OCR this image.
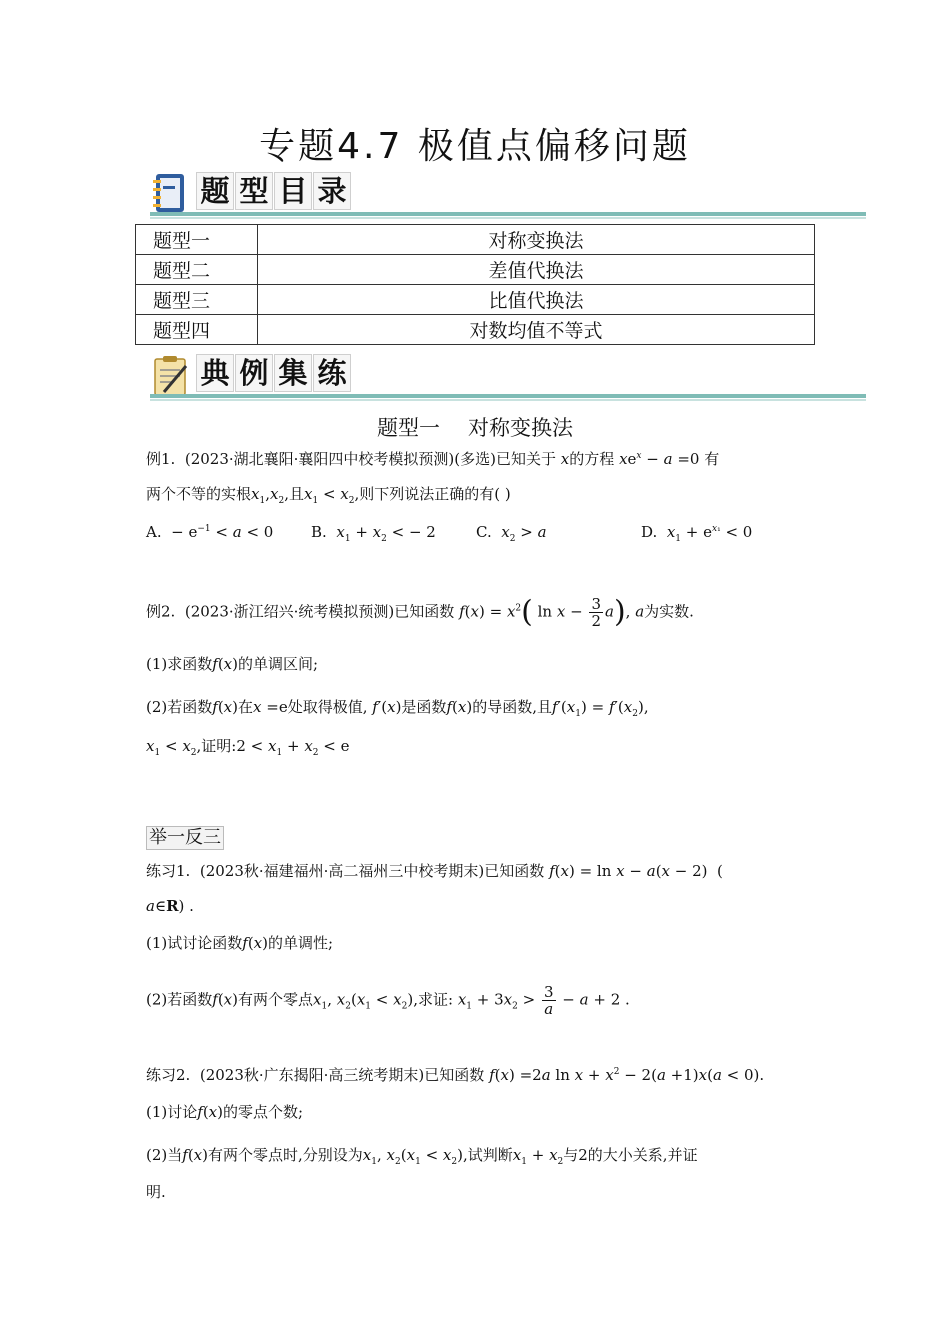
专题4.7 极值点偏移问题
题 型 目 录
题型一	对称变换法
题型二	差值代换法
题型三	比值代换法
题型四	对数均值不等式
典 例 集 练
题型一 对称变换法
例1. (2023·湖北襄阳·襄阳四中校考模拟预测)(多选)已知关于 x的方程 $xe^x - a =0$ 有
两个不等的实根$x_1,x_2$,且$x_1 < x_2$,则下列说法正确的有( )
A.  − $e^{-1} < a < 0$	B. $x_1 + x_2$ < − 2	C. $x_2 > a$	D. $x_1 + e^{x_1} < 0$
例2. (2023·浙江绍兴·统考模拟预测)已知函数 $f(x) = x^2$( $\ln x - \frac{3}{2} a$), a为实数.
(1)求函数f(x)的单调区间;
(2)若函数f(x)在x =e处取得极值, f′(x)是函数f(x)的导函数,且$f'(x_1) = f'(x_2)$,
$x_1 < x_2$,证明:2 < $x_1 + x_2 < e$
举一反三
练习1. (2023秋·福建福州·高二福州三中校考期末)已知函数 f(x) = ln x − a(x − 2)  (
a∈R) .
(1)试讨论函数f(x)的单调性;
(2)若函数f(x)有两个零点$x_1$, $x_2(x_1 < x_2)$,求证: $x_1 + 3x_2 > \frac{3}{a} - a + 2$ .
练习2. (2023秋·广东揭阳·高三统考期末)已知函数 f(x) =2a $\ln x + x^2 - 2(a +1)x(a < 0)$.
(1)讨论f(x)的零点个数;
(2)当f(x)有两个零点时,分别设为$x_1$, $x_2(x_1 < x_2)$,试判断$x_1 + x_2$与2的大小关系,并证
明.
